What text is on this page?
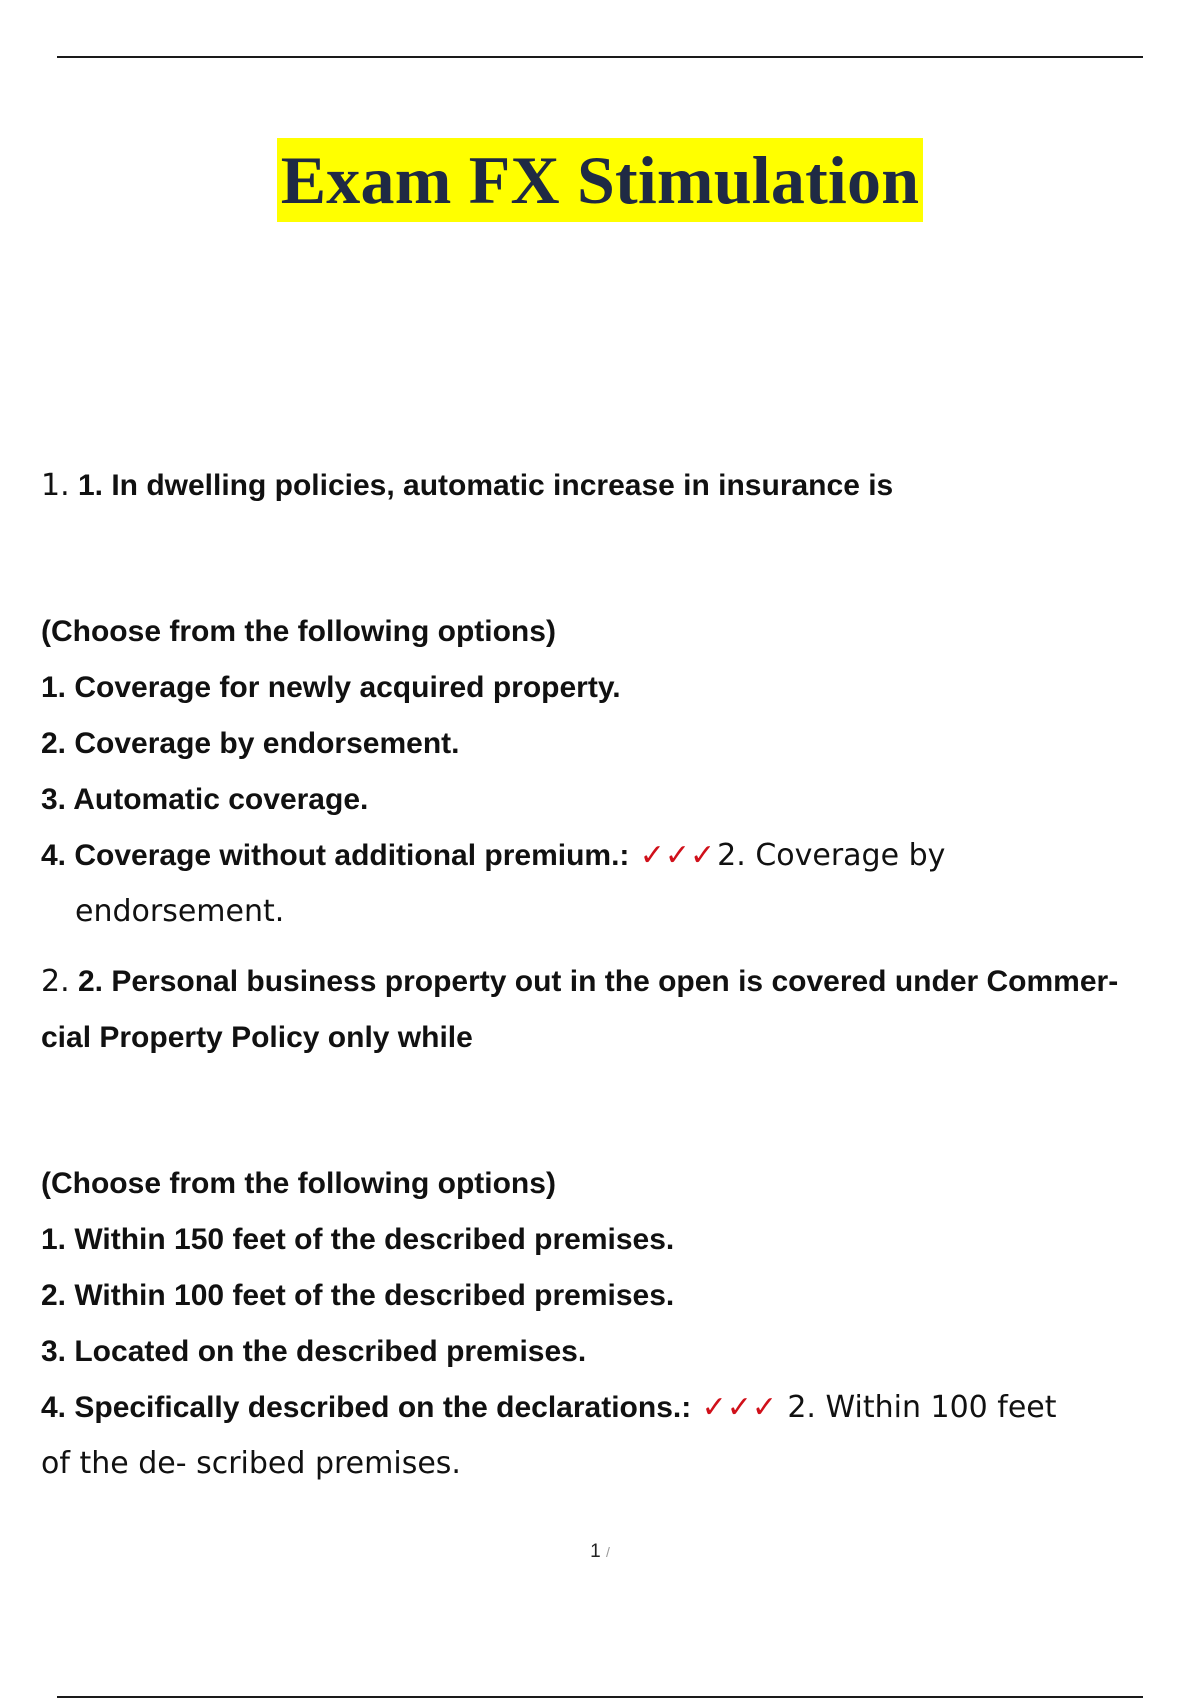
Exam FX Stimulation
1. 1. In dwelling policies, automatic increase in insurance is
(Choose from the following options)
1. Coverage for newly acquired property.
2. Coverage by endorsement.
3. Automatic coverage.
4. Coverage without additional premium.: ✓✓✓2. Coverage by
endorsement.
2. 2. Personal business property out in the open is covered under Commer-
cial Property Policy only while
(Choose from the following options)
1. Within 150 feet of the described premises.
2. Within 100 feet of the described premises.
3. Located on the described premises.
4. Specifically described on the declarations.: ✓✓✓ 2. Within 100 feet
of the de- scribed premises.
1 /
